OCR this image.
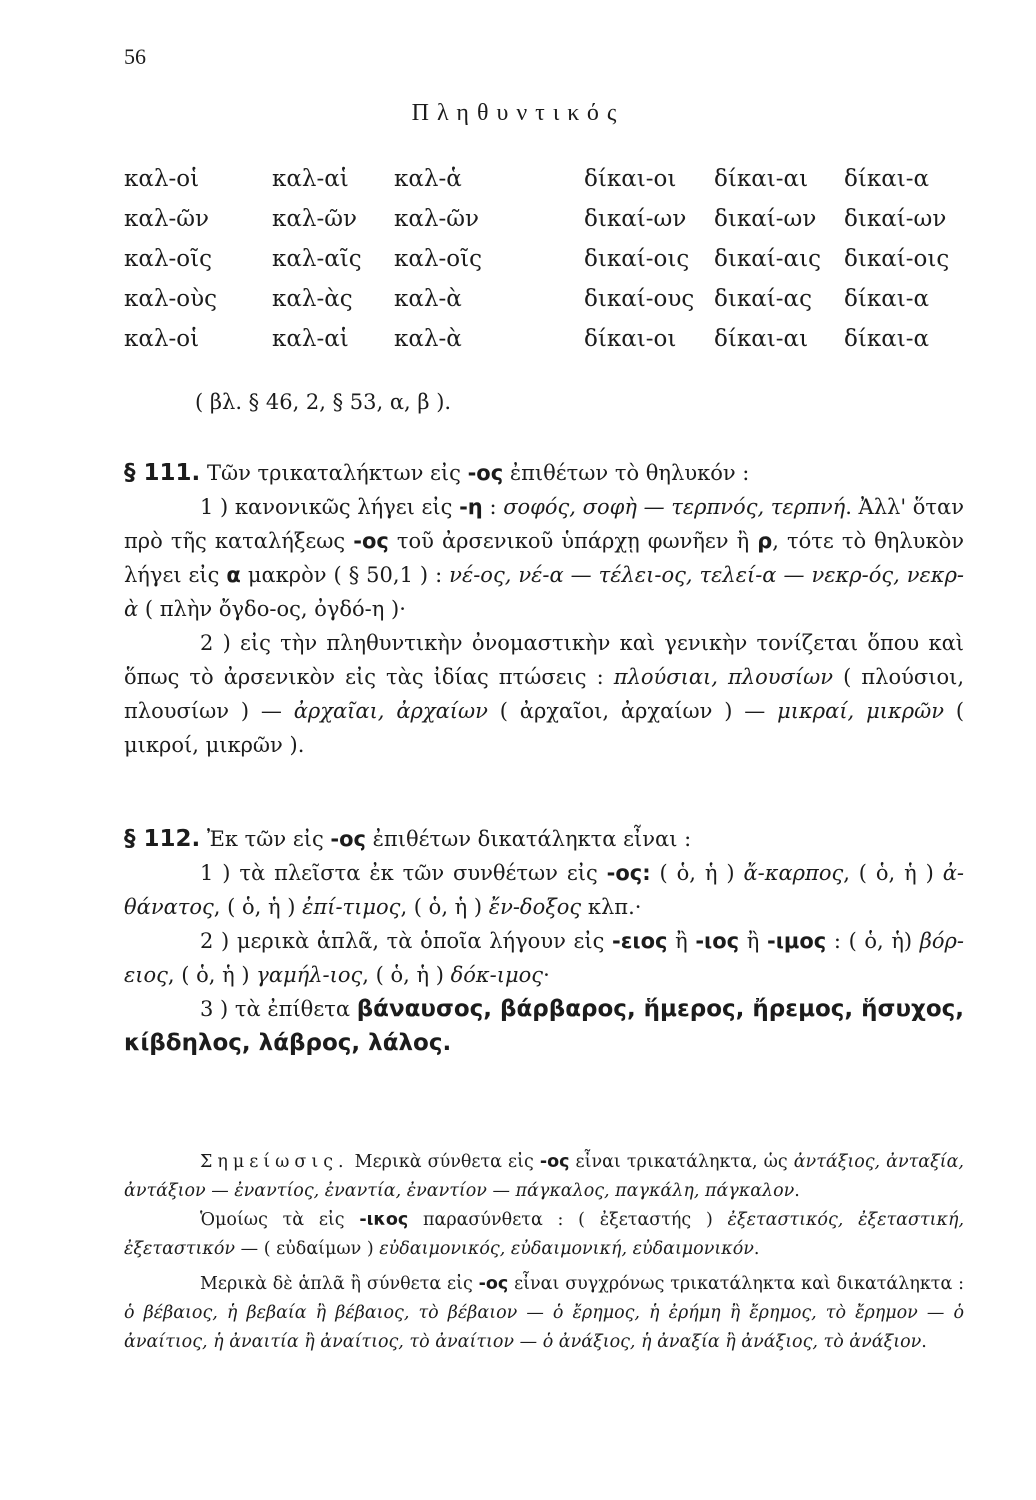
56
Πληθυντικός
καλ-οἱ	καλ-αἱ καλ-ἁ	δίκαι-οι δίκαι-αι δίκαι-α
καλ-ῶν	καλ-ῶν καλ-ῶν	δικαί-ων δικαί-ων δικαί-ων
καλ-οῖς	καλ-αῖς καλ-οῖς	δικαί-οις δικαί-αις δικαί-οις
καλ-οὺς καλ-ὰς καλ-ὰ	δικαί-ους δικαί-ας δίκαι-α
καλ-οἱ	καλ-αἱ καλ-ὰ	δίκαι-οι δίκαι-αι δίκαι-α
( βλ. § 46, 2, § 53, α, β ).

§ 111. Τῶν τρικαταλήκτων εἰς -ος ἐπιθέτων τὸ θηλυκόν :

1 ) κανονικῶς λήγει εἰς -η : σοφός, σοφὴ — τερπνός, τερπνή. Ἀλλ' ὅταν πρὸ τῆς καταλήξεως -ος τοῦ ἀρσενικοῦ ὑπάρχῃ φωνῆεν ἢ ρ, τότε τὸ θηλυκὸν λήγει εἰς α μακρὸν ( § 50,1 ) : νέ-ος, νέ-α — τέλει-ος, τελεί-α — νεκρ-ός, νεκρ-ὰ ( πλὴν ὄγδο-ος, ὀγδό-η )·

2 ) εἰς τὴν πληθυντικὴν ὀνομαστικὴν καὶ γενικὴν τονίζεται ὅπου καὶ ὅπως τὸ ἀρσενικὸν εἰς τὰς ἰδίας πτώσεις : πλούσιαι, πλουσίων ( πλούσιοι, πλουσίων ) — ἀρχαῖαι, ἀρχαίων ( ἀρχαῖοι, ἀρχαίων ) — μικραί, μικρῶν ( μικροί, μικρῶν ).

§ 112. Ἐκ τῶν εἰς -ος ἐπιθέτων δικατάληκτα εἶναι :

1 ) τὰ πλεῖστα ἐκ τῶν συνθέτων εἰς -ος: ( ὁ, ἡ ) ἄ-καρπος, ( ὁ, ἡ ) ἀ-θάνατος, ( ὁ, ἡ ) ἐπί-τιμος, ( ὁ, ἡ ) ἔν-δοξος κλπ.·

2 ) μερικὰ ἁπλᾶ, τὰ ὁποῖα λήγουν εἰς -ειος ἢ -ιος ἢ -ιμος : ( ὁ, ἡ) βόρ-ειος, ( ὁ, ἡ ) γαμήλ-ιος, ( ὁ, ἡ ) δόκ-ιμος·

3 ) τὰ ἐπίθετα βάναυσος, βάρβαρος, ἥμερος, ἤρεμος, ἥσυχος, κίβδηλος, λάβρος, λάλος.

Σημείωσις. Μερικὰ σύνθετα εἰς -ος εἶναι τρικατάληκτα, ὡς ἀντάξιος, ἀνταξία, ἀντάξιον — ἐναντίος, ἐναντία, ἐναντίον — πάγκαλος, παγκάλη, πάγκαλον.

Ὁμοίως τὰ εἰς -ικος παρασύνθετα : ( ἐξεταστής ) ἐξεταστικός, ἐξεταστική, ἐξεταστικόν — ( εὐδαίμων ) εὐδαιμονικός, εὐδαιμονική, εὐδαιμονικόν.

Μερικὰ δὲ ἁπλᾶ ἢ σύνθετα εἰς -ος εἶναι συγχρόνως τρικατάληκτα καὶ δικατάληκτα : ὁ βέβαιος, ἡ βεβαία ἢ βέβαιος, τὸ βέβαιον — ὁ ἔρημος, ἡ ἐρήμη ἢ ἔρημος, τὸ ἔρημον — ὁ ἀναίτιος, ἡ ἀναιτία ἢ ἀναίτιος, τὸ ἀναίτιον — ὁ ἀνάξιος, ἡ ἀναξία ἢ ἀνάξιος, τὸ ἀνάξιον.
